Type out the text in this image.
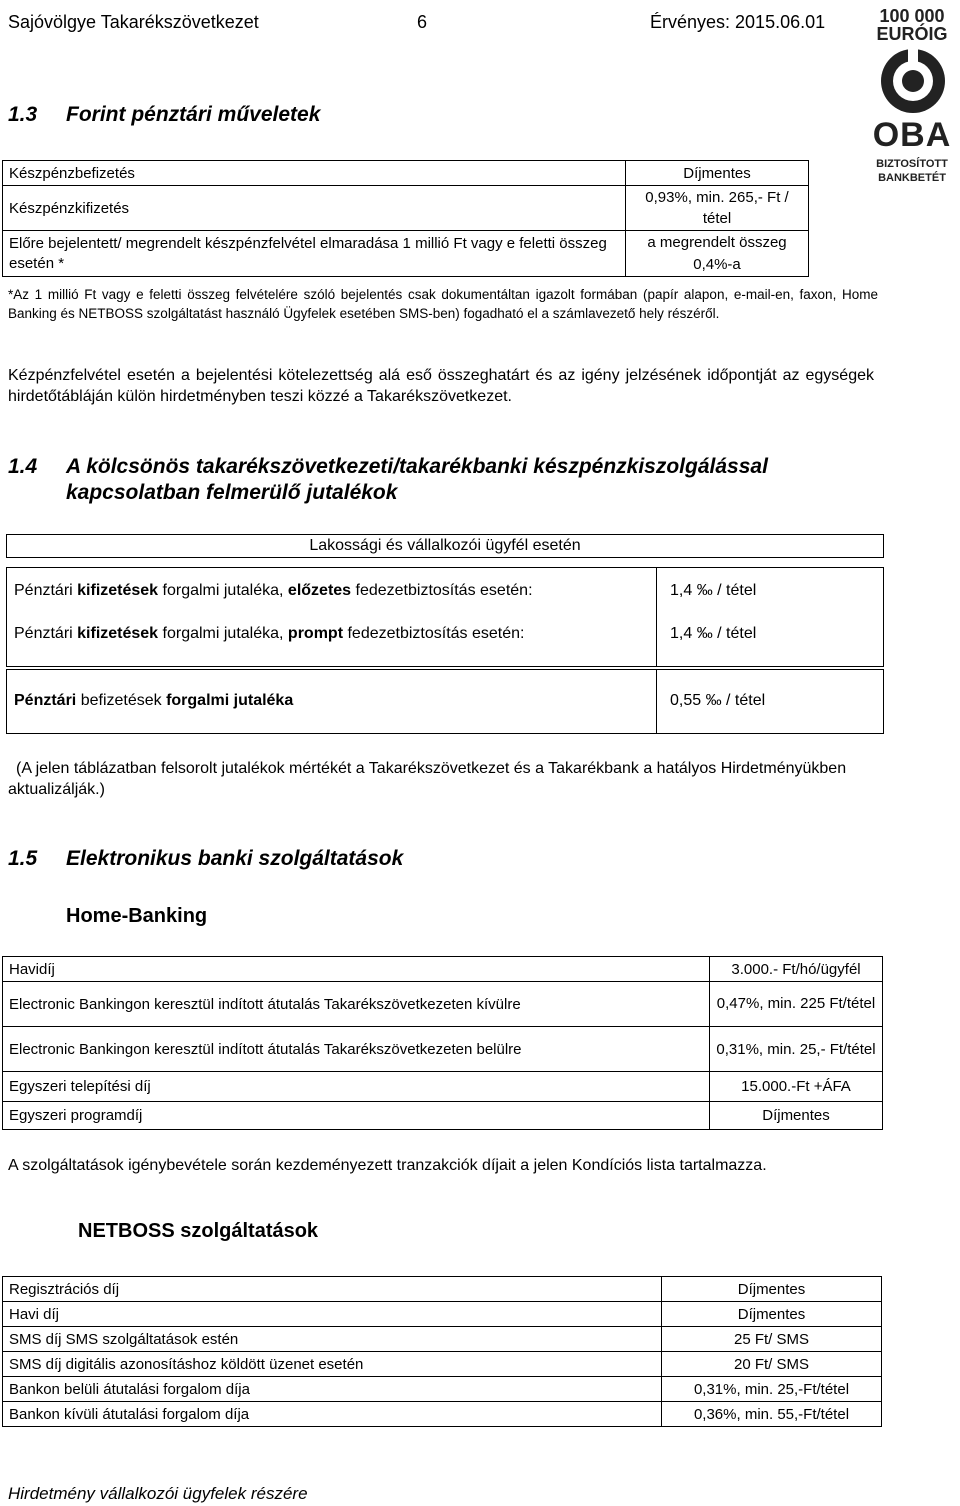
Sajóvölgye Takarékszövetkezet	6	Érvényes: 2015.06.01	100 000
EURÓIG
OBA
BIZTOSÍTOTT
BANKBETÉT
1.3 Forint pénztári műveletek
Készpénzbefizetés	Díjmentes
Készpénzkifizetés	0,93%, min. 265,- Ft / tétel
Előre bejelentett/ megrendelt készpénzfelvétel elmaradása 1 millió Ft vagy e feletti összeg esetén *	a megrendelt összeg 0,4%-a
*Az 1 millió Ft vagy e feletti összeg felvételére szóló bejelentés csak dokumentáltan igazolt formában (papír alapon, e-mail-en, faxon, Home Banking és NETBOSS szolgáltatást használó Ügyfelek esetében SMS-ben) fogadható el a számlavezető hely részéről.
Kézpénzfelvétel esetén a bejelentési kötelezettség alá eső összeghatárt és az igény jelzésének időpontját az egységek hirdetőtábláján külön hirdetményben teszi közzé a Takarékszövetkezet.
1.4 A kölcsönös takarékszövetkezeti/takarékbanki készpénzkiszolgálással
kapcsolatban felmerülő jutalékok
Lakossági és vállalkozói ügyfél esetén
Pénztári kifizetések forgalmi jutaléka, előzetes fedezetbiztosítás esetén:	1,4 ‰ / tétel
Pénztári kifizetések forgalmi jutaléka, prompt fedezetbiztosítás esetén:	1,4 ‰ / tétel
Pénztári befizetések forgalmi jutaléka	0,55 ‰ / tétel
(A jelen táblázatban felsorolt jutalékok mértékét a Takarékszövetkezet és a Takarékbank a hatályos Hirdetményükben aktualizálják.)
1.5 Elektronikus banki szolgáltatások
Home-Banking
Havidíj	3.000.- Ft/hó/ügyfél
Electronic Bankingon keresztül indított átutalás Takarékszövetkezeten kívülre	0,47%, min. 225 Ft/tétel
Electronic Bankingon keresztül indított átutalás Takarékszövetkezeten belülre	0,31%, min. 25,- Ft/tétel
Egyszeri telepítési díj	15.000.-Ft +ÁFA
Egyszeri programdíj	Díjmentes
A szolgáltatások igénybevétele során kezdeményezett tranzakciók díjait a jelen Kondíciós lista tartalmazza.
NETBOSS szolgáltatások
Regisztrációs díj	Díjmentes
Havi díj	Díjmentes
SMS díj SMS szolgáltatások estén	25 Ft/ SMS
SMS díj digitális azonosításhoz köldött üzenet esetén	20 Ft/ SMS
Bankon belüli átutalási forgalom díja	0,31%, min. 25,-Ft/tétel
Bankon kívüli átutalási forgalom díja	0,36%, min. 55,-Ft/tétel
Hirdetmény vállalkozói ügyfelek részére
